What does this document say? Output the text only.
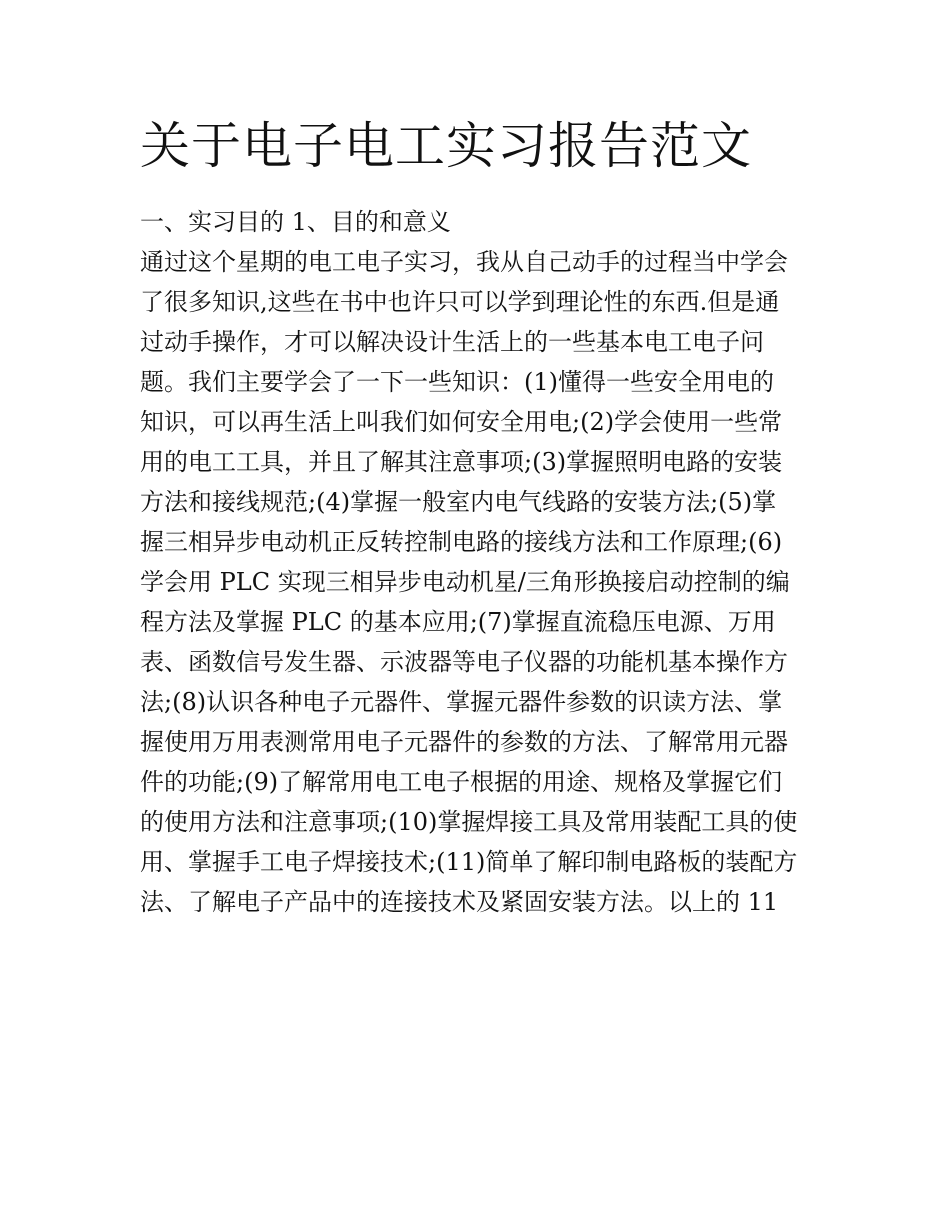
关于电子电工实习报告范文

一、实习目的 1、目的和意义

通过这个星期的电工电子实习，我从自己动手的过程当中学会

了很多知识,这些在书中也许只可以学到理论性的东西.但是通

过动手操作，才可以解决设计生活上的一些基本电工电子问

题。我们主要学会了一下一些知识：(1)懂得一些安全用电的

知识，可以再生活上叫我们如何安全用电;(2)学会使用一些常

用的电工工具，并且了解其注意事项;(3)掌握照明电路的安装

方法和接线规范;(4)掌握一般室内电气线路的安装方法;(5)掌

握三相异步电动机正反转控制电路的接线方法和工作原理;(6)

学会用 PLC 实现三相异步电动机星/三角形换接启动控制的编

程方法及掌握 PLC 的基本应用;(7)掌握直流稳压电源、万用

表、函数信号发生器、示波器等电子仪器的功能机基本操作方

法;(8)认识各种电子元器件、掌握元器件参数的识读方法、掌

握使用万用表测常用电子元器件的参数的方法、了解常用元器

件的功能;(9)了解常用电工电子根据的用途、规格及掌握它们

的使用方法和注意事项;(10)掌握焊接工具及常用装配工具的使

用、掌握手工电子焊接技术;(11)简单了解印制电路板的装配方

法、了解电子产品中的连接技术及紧固安装方法。以上的 11
